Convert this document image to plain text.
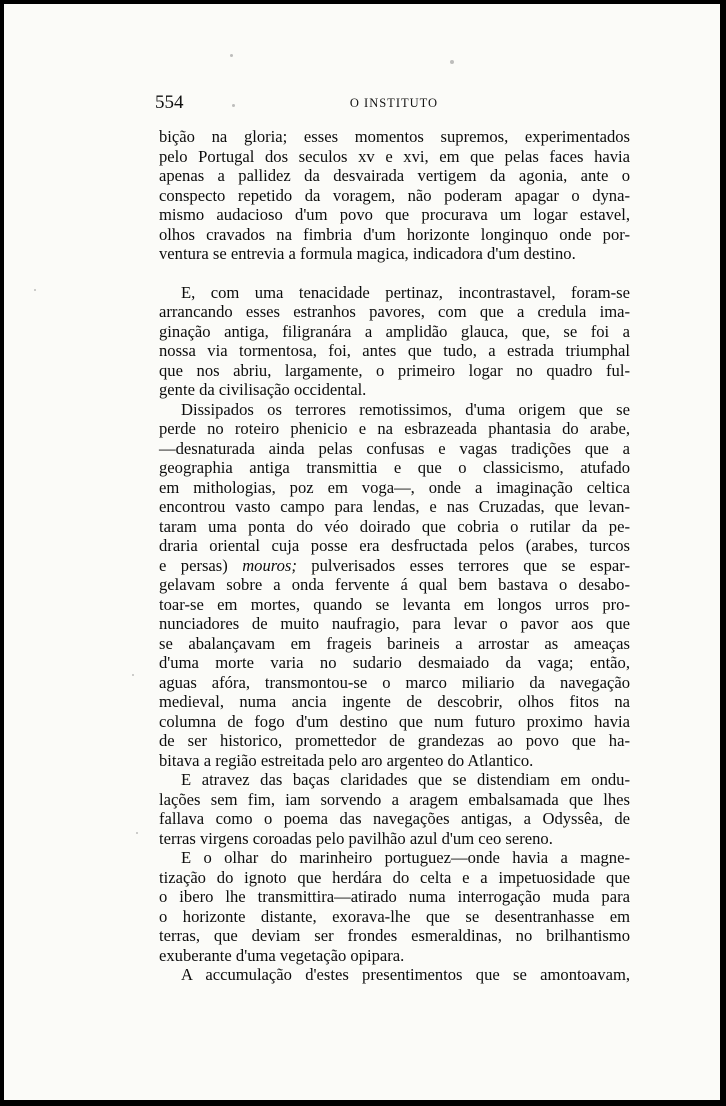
554	O INSTITUTO

bição na gloria; esses momentos supremos, experimentados

pelo Portugal dos seculos xv e xvi, em que pelas faces havia

apenas a pallidez da desvairada vertigem da agonia, ante o

conspecto repetido da voragem, não poderam apagar o dyna-

mismo audacioso d'um povo que procurava um logar estavel,

olhos cravados na fimbria d'um horizonte longinquo onde por-

ventura se entrevia a formula magica, indicadora d'um destino.

E, com uma tenacidade pertinaz, incontrastavel, foram-se

arrancando esses estranhos pavores, com que a credula ima-

ginação antiga, filigranára a amplidão glauca, que, se foi a

nossa via tormentosa, foi, antes que tudo, a estrada triumphal

que nos abriu, largamente, o primeiro logar no quadro ful-

gente da civilisação occidental.

Dissipados os terrores remotissimos, d'uma origem que se

perde no roteiro phenicio e na esbrazeada phantasia do arabe,

—desnaturada ainda pelas confusas e vagas tradições que a

geographia antiga transmittia e que o classicismo, atufado

em mithologias, poz em voga—, onde a imaginação celtica

encontrou vasto campo para lendas, e nas Cruzadas, que levan-

taram uma ponta do véo doirado que cobria o rutilar da pe-

draria oriental cuja posse era desfructada pelos (arabes, turcos

e persas) mouros; pulverisados esses terrores que se espar-

gelavam sobre a onda fervente á qual bem bastava o desabo-

toar-se em mortes, quando se levanta em longos urros pro-

nunciadores de muito naufragio, para levar o pavor aos que

se abalançavam em frageis barineis a arrostar as ameaças

d'uma morte varia no sudario desmaiado da vaga; então,

aguas afóra, transmontou-se o marco miliario da navegação

medieval, numa ancia ingente de descobrir, olhos fitos na

columna de fogo d'um destino que num futuro proximo havia

de ser historico, promettedor de grandezas ao povo que ha-

bitava a região estreitada pelo aro argenteo do Atlantico.

E atravez das baças claridades que se distendiam em ondu-

lações sem fim, iam sorvendo a aragem embalsamada que lhes

fallava como o poema das navegações antigas, a Odyssêa, de

terras virgens coroadas pelo pavilhão azul d'um ceo sereno.

E o olhar do marinheiro portuguez—onde havia a magne-

tização do ignoto que herdára do celta e a impetuosidade que

o ibero lhe transmittira—atirado numa interrogação muda para

o horizonte distante, exorava-lhe que se desentranhasse em

terras, que deviam ser frondes esmeraldinas, no brilhantismo

exuberante d'uma vegetação opipara.

A accumulação d'estes presentimentos que se amontoavam,
